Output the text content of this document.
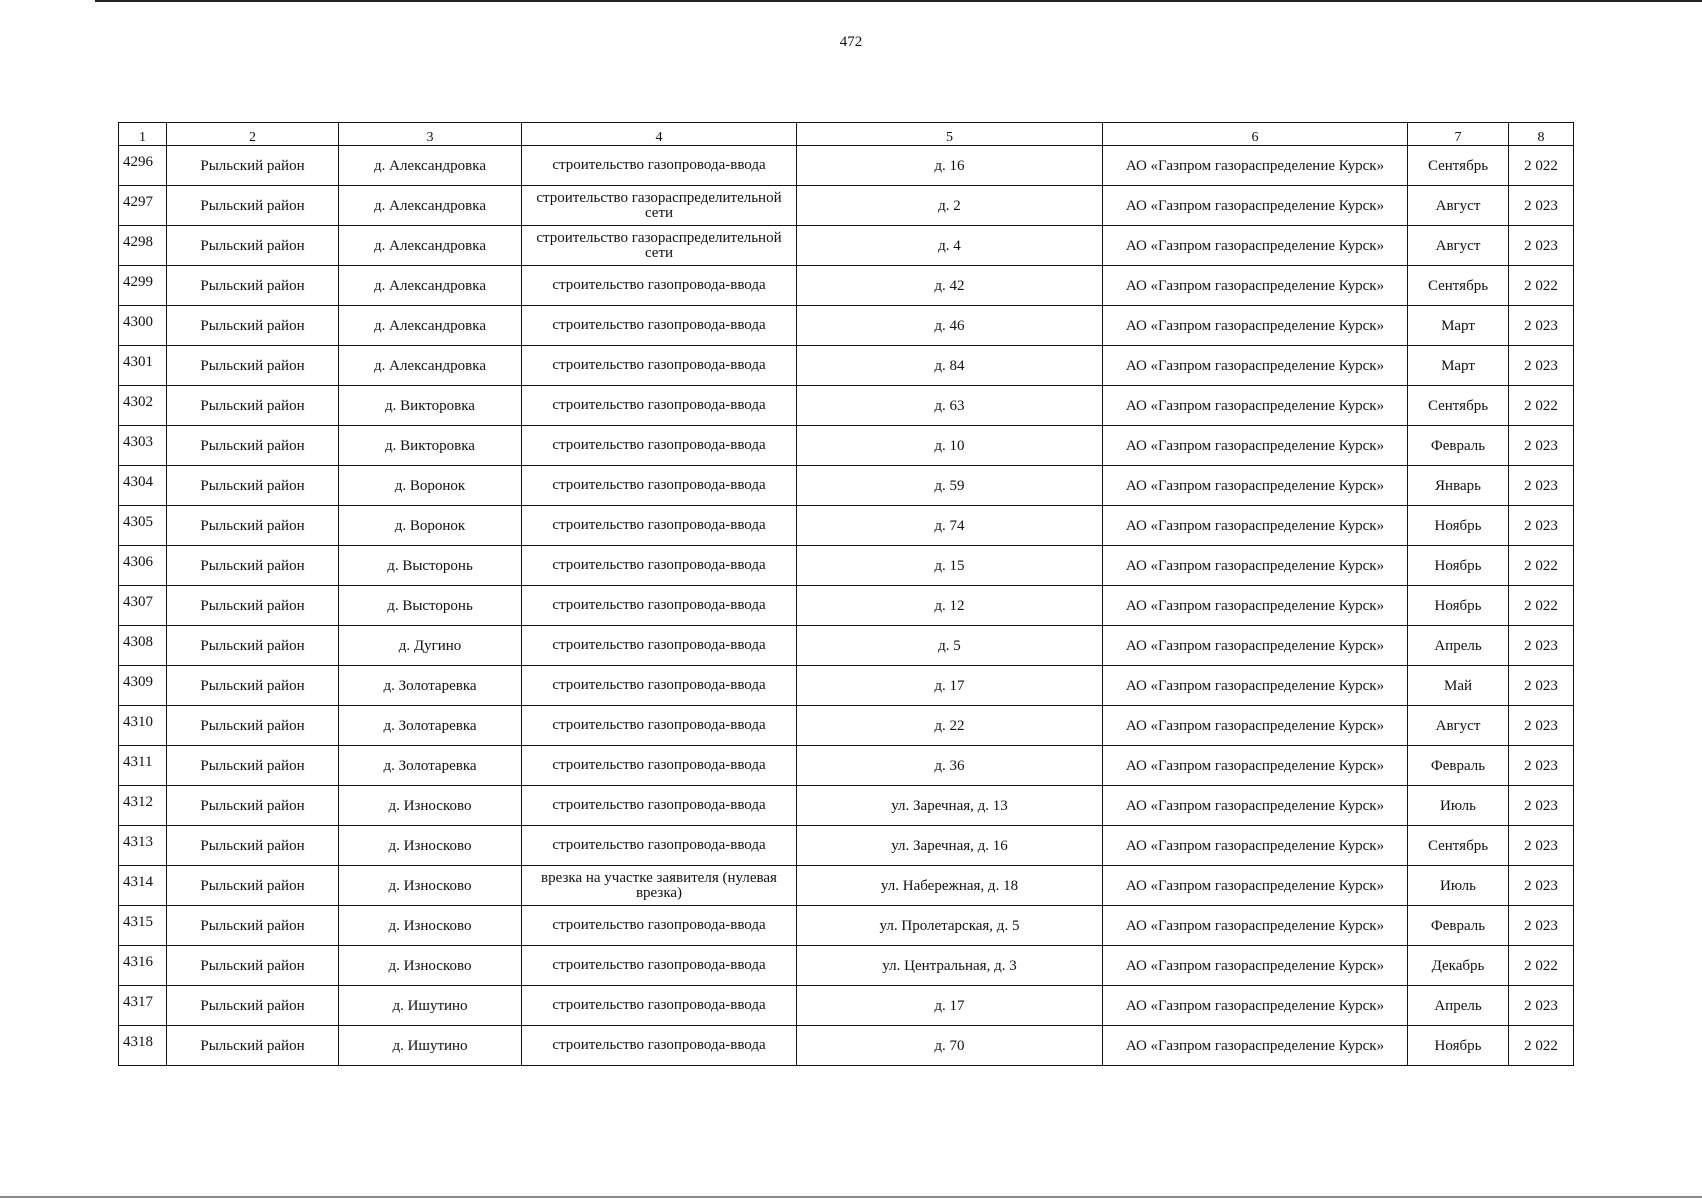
472
1	2	3	4	5	6	7	8
4296	Рыльский район	д. Александровка	строительство газопровода-ввода	д. 16	АО «Газпром газораспределение Курск»	Сентябрь	2 022
4297	Рыльский район	д. Александровка	строительство газораспределительной сети	д. 2	АО «Газпром газораспределение Курск»	Август	2 023
4298	Рыльский район	д. Александровка	строительство газораспределительной сети	д. 4	АО «Газпром газораспределение Курск»	Август	2 023
4299	Рыльский район	д. Александровка	строительство газопровода-ввода	д. 42	АО «Газпром газораспределение Курск»	Сентябрь	2 022
4300	Рыльский район	д. Александровка	строительство газопровода-ввода	д. 46	АО «Газпром газораспределение Курск»	Март	2 023
4301	Рыльский район	д. Александровка	строительство газопровода-ввода	д. 84	АО «Газпром газораспределение Курск»	Март	2 023
4302	Рыльский район	д. Викторовка	строительство газопровода-ввода	д. 63	АО «Газпром газораспределение Курск»	Сентябрь	2 022
4303	Рыльский район	д. Викторовка	строительство газопровода-ввода	д. 10	АО «Газпром газораспределение Курск»	Февраль	2 023
4304	Рыльский район	д. Воронок	строительство газопровода-ввода	д. 59	АО «Газпром газораспределение Курск»	Январь	2 023
4305	Рыльский район	д. Воронок	строительство газопровода-ввода	д. 74	АО «Газпром газораспределение Курск»	Ноябрь	2 023
4306	Рыльский район	д. Высторонь	строительство газопровода-ввода	д. 15	АО «Газпром газораспределение Курск»	Ноябрь	2 022
4307	Рыльский район	д. Высторонь	строительство газопровода-ввода	д. 12	АО «Газпром газораспределение Курск»	Ноябрь	2 022
4308	Рыльский район	д. Дугино	строительство газопровода-ввода	д. 5	АО «Газпром газораспределение Курск»	Апрель	2 023
4309	Рыльский район	д. Золотаревка	строительство газопровода-ввода	д. 17	АО «Газпром газораспределение Курск»	Май	2 023
4310	Рыльский район	д. Золотаревка	строительство газопровода-ввода	д. 22	АО «Газпром газораспределение Курск»	Август	2 023
4311	Рыльский район	д. Золотаревка	строительство газопровода-ввода	д. 36	АО «Газпром газораспределение Курск»	Февраль	2 023
4312	Рыльский район	д. Износково	строительство газопровода-ввода	ул. Заречная, д. 13	АО «Газпром газораспределение Курск»	Июль	2 023
4313	Рыльский район	д. Износково	строительство газопровода-ввода	ул. Заречная, д. 16	АО «Газпром газораспределение Курск»	Сентябрь	2 023
4314	Рыльский район	д. Износково	врезка на участке заявителя (нулевая врезка)	ул. Набережная, д. 18	АО «Газпром газораспределение Курск»	Июль	2 023
4315	Рыльский район	д. Износково	строительство газопровода-ввода	ул. Пролетарская, д. 5	АО «Газпром газораспределение Курск»	Февраль	2 023
4316	Рыльский район	д. Износково	строительство газопровода-ввода	ул. Центральная, д. 3	АО «Газпром газораспределение Курск»	Декабрь	2 022
4317	Рыльский район	д. Ишутино	строительство газопровода-ввода	д. 17	АО «Газпром газораспределение Курск»	Апрель	2 023
4318	Рыльский район	д. Ишутино	строительство газопровода-ввода	д. 70	АО «Газпром газораспределение Курск»	Ноябрь	2 022
